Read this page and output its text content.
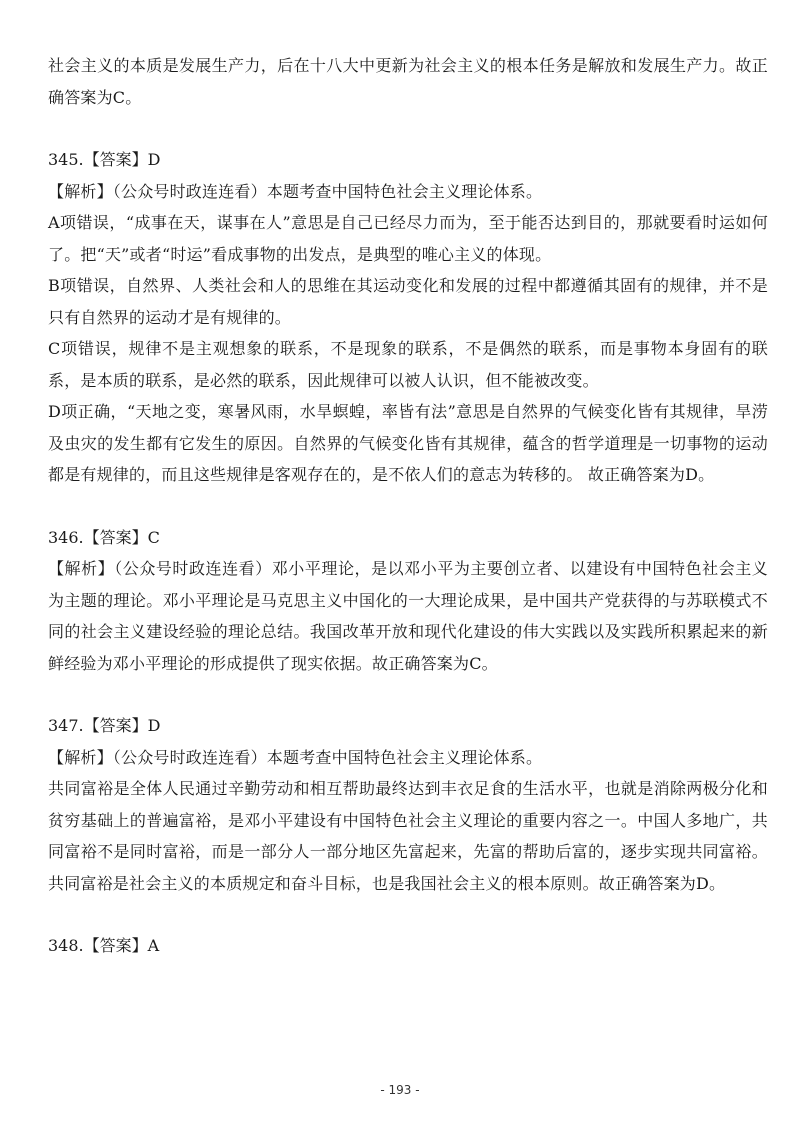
社会主义的本质是发展生产力，后在十八大中更新为社会主义的根本任务是解放和发展生产力。故正确答案为C。

345.【答案】D

【解析】（公众号时政连连看）本题考查中国特色社会主义理论体系。

A项错误，“成事在天，谋事在人”意思是自己已经尽力而为，至于能否达到目的，那就要看时运如何了。把“天”或者“时运”看成事物的出发点，是典型的唯心主义的体现。

B项错误，自然界、人类社会和人的思维在其运动变化和发展的过程中都遵循其固有的规律，并不是只有自然界的运动才是有规律的。

C项错误，规律不是主观想象的联系，不是现象的联系，不是偶然的联系，而是事物本身固有的联系，是本质的联系，是必然的联系，因此规律可以被人认识，但不能被改变。

D项正确，“天地之变，寒暑风雨，水旱螟蝗，率皆有法”意思是自然界的气候变化皆有其规律，旱涝及虫灾的发生都有它发生的原因。自然界的气候变化皆有其规律，蕴含的哲学道理是一切事物的运动都是有规律的，而且这些规律是客观存在的，是不依人们的意志为转移的。 故正确答案为D。

346.【答案】C

【解析】（公众号时政连连看）邓小平理论，是以邓小平为主要创立者、以建设有中国特色社会主义为主题的理论。邓小平理论是马克思主义中国化的一大理论成果，是中国共产党获得的与苏联模式不同的社会主义建设经验的理论总结。我国改革开放和现代化建设的伟大实践以及实践所积累起来的新鲜经验为邓小平理论的形成提供了现实依据。故正确答案为C。

347.【答案】D

【解析】（公众号时政连连看）本题考查中国特色社会主义理论体系。

共同富裕是全体人民通过辛勤劳动和相互帮助最终达到丰衣足食的生活水平，也就是消除两极分化和贫穷基础上的普遍富裕，是邓小平建设有中国特色社会主义理论的重要内容之一。中国人多地广，共同富裕不是同时富裕，而是一部分人一部分地区先富起来，先富的帮助后富的，逐步实现共同富裕。共同富裕是社会主义的本质规定和奋斗目标，也是我国社会主义的根本原则。故正确答案为D。

348.【答案】A

- 193 -
